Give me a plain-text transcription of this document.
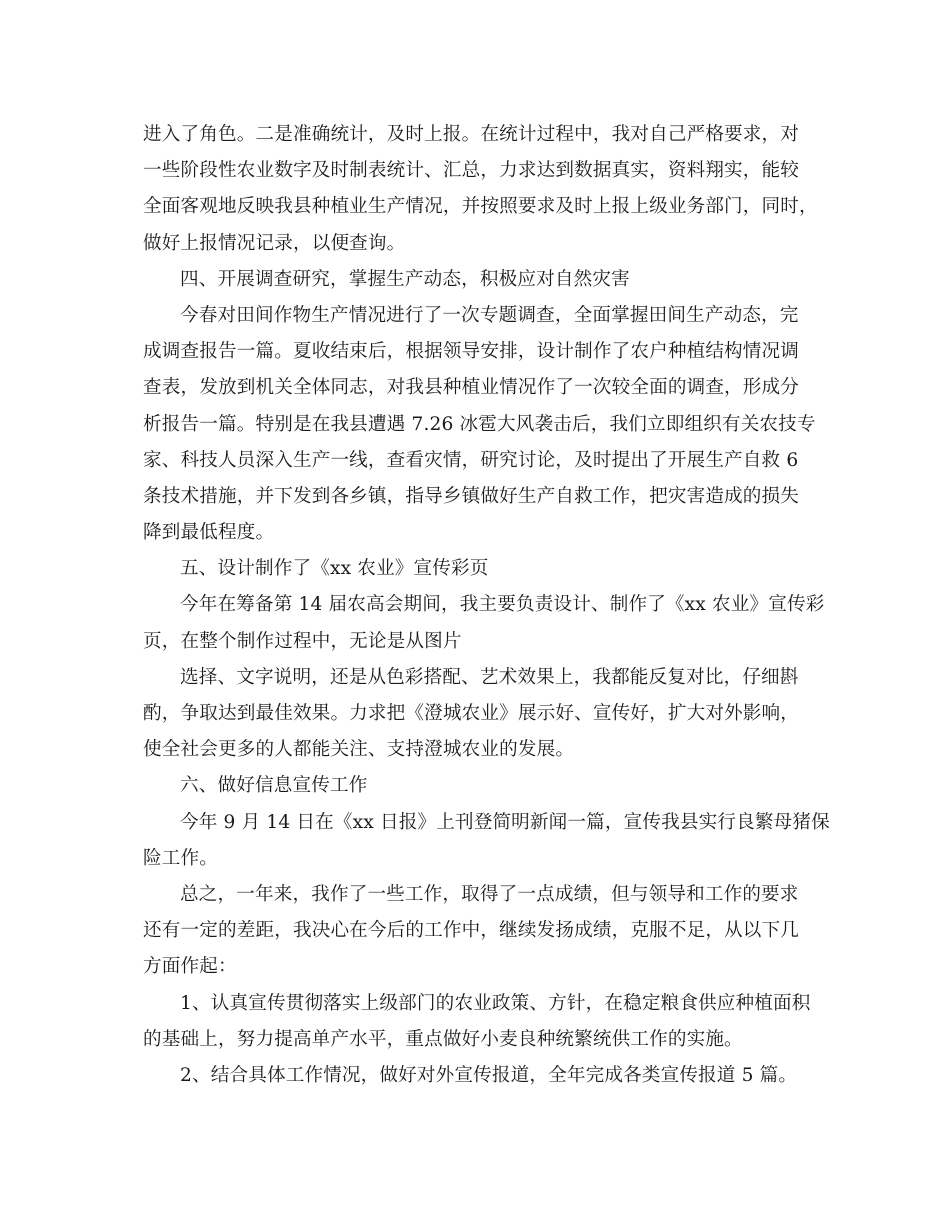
进入了角色。二是准确统计，及时上报。在统计过程中，我对自己严格要求，对
一些阶段性农业数字及时制表统计、汇总，力求达到数据真实，资料翔实，能较
全面客观地反映我县种植业生产情况，并按照要求及时上报上级业务部门，同时，
做好上报情况记录，以便查询。
四、开展调查研究，掌握生产动态，积极应对自然灾害
今春对田间作物生产情况进行了一次专题调查，全面掌握田间生产动态，完
成调查报告一篇。夏收结束后，根据领导安排，设计制作了农户种植结构情况调
查表，发放到机关全体同志，对我县种植业情况作了一次较全面的调查，形成分
析报告一篇。特别是在我县遭遇 7.26 冰雹大风袭击后，我们立即组织有关农技专
家、科技人员深入生产一线，查看灾情，研究讨论，及时提出了开展生产自救 6
条技术措施，并下发到各乡镇，指导乡镇做好生产自救工作，把灾害造成的损失
降到最低程度。
五、设计制作了《xx 农业》宣传彩页
今年在筹备第 14 届农高会期间，我主要负责设计、制作了《xx 农业》宣传彩
页，在整个制作过程中，无论是从图片
选择、文字说明，还是从色彩搭配、艺术效果上，我都能反复对比，仔细斟
酌，争取达到最佳效果。力求把《澄城农业》展示好、宣传好，扩大对外影响，
使全社会更多的人都能关注、支持澄城农业的发展。
六、做好信息宣传工作
今年 9 月 14 日在《xx 日报》上刊登简明新闻一篇，宣传我县实行良繁母猪保
险工作。
总之，一年来，我作了一些工作，取得了一点成绩，但与领导和工作的要求
还有一定的差距，我决心在今后的工作中，继续发扬成绩，克服不足，从以下几
方面作起：
1、认真宣传贯彻落实上级部门的农业政策、方针，在稳定粮食供应种植面积
的基础上，努力提高单产水平，重点做好小麦良种统繁统供工作的实施。
2、结合具体工作情况，做好对外宣传报道，全年完成各类宣传报道 5 篇。
